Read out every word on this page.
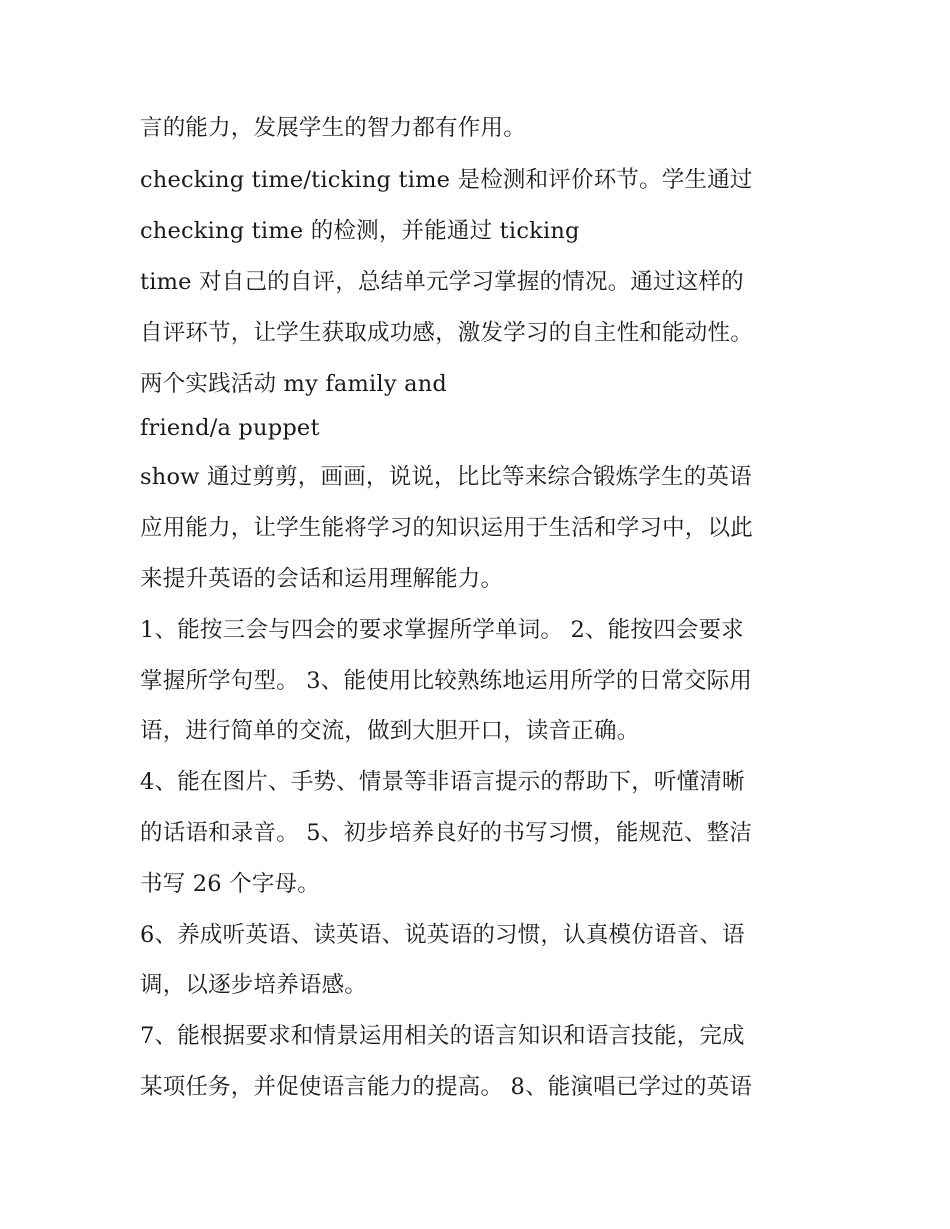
言的能力，发展学生的智力都有作用。
checking time/ticking time 是检测和评价环节。学生通过
checking time 的检测，并能通过 ticking
time 对自己的自评，总结单元学习掌握的情况。通过这样的
自评环节，让学生获取成功感，激发学习的自主性和能动性。
两个实践活动 my family and
friend/a puppet
show 通过剪剪，画画，说说，比比等来综合锻炼学生的英语
应用能力，让学生能将学习的知识运用于生活和学习中，以此
来提升英语的会话和运用理解能力。
1、能按三会与四会的要求掌握所学单词。 2、能按四会要求
掌握所学句型。 3、能使用比较熟练地运用所学的日常交际用
语，进行简单的交流，做到大胆开口，读音正确。
4、能在图片、手势、情景等非语言提示的帮助下，听懂清晰
的话语和录音。 5、初步培养良好的书写习惯，能规范、整洁
书写 26 个字母。
6、养成听英语、读英语、说英语的习惯，认真模仿语音、语
调，以逐步培养语感。
7、能根据要求和情景运用相关的语言知识和语言技能，完成
某项任务，并促使语言能力的提高。 8、能演唱已学过的英语
